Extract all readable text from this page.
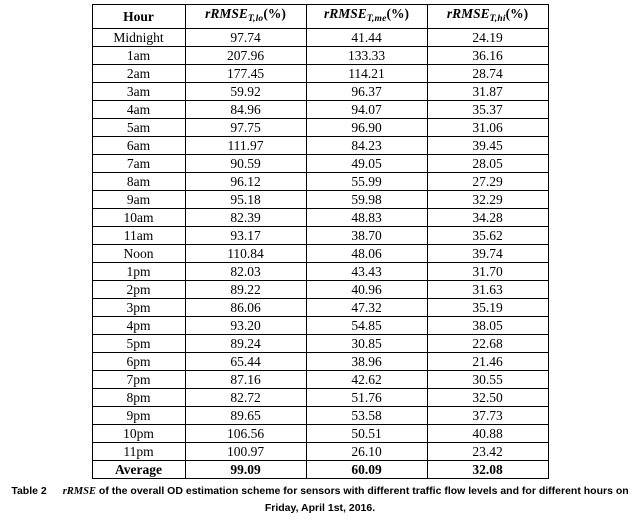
Hour	rRMSE$_{T,lo}$(%)	rRMSE$_{T,me}$(%)	rRMSE$_{T,hi}$(%)
Midnight	97.74	41.44	24.19
1am	207.96	133.33	36.16
2am	177.45	114.21	28.74
3am	59.92	96.37	31.87
4am	84.96	94.07	35.37
5am	97.75	96.90	31.06
6am	111.97	84.23	39.45
7am	90.59	49.05	28.05
8am	96.12	55.99	27.29
9am	95.18	59.98	32.29
10am	82.39	48.83	34.28
11am	93.17	38.70	35.62
Noon	110.84	48.06	39.74
1pm	82.03	43.43	31.70
2pm	89.22	40.96	31.63
3pm	86.06	47.32	35.19
4pm	93.20	54.85	38.05
5pm	89.24	30.85	22.68
6pm	65.44	38.96	21.46
7pm	87.16	42.62	30.55
8pm	82.72	51.76	32.50
9pm	89.65	53.58	37.73
10pm	106.56	50.51	40.88
11pm	100.97	26.10	23.42
Average	99.09	60.09	32.08
Table 2 rRMSE of the overall OD estimation scheme for sensors with different traffic flow levels and for different hours on Friday, April 1st, 2016.
